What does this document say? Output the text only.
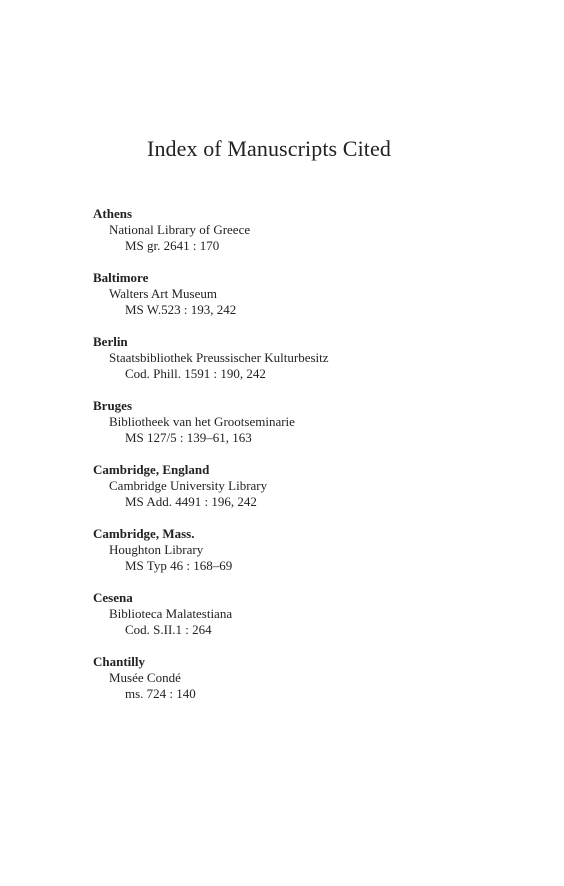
Index of Manuscripts Cited
Athens
National Library of Greece
MS gr. 2641 : 170
Baltimore
Walters Art Museum
MS W.523 : 193, 242
Berlin
Staatsbibliothek Preussischer Kulturbesitz
Cod. Phill. 1591 : 190, 242
Bruges
Bibliotheek van het Grootseminarie
MS 127/5 : 139–61, 163
Cambridge, England
Cambridge University Library
MS Add. 4491 : 196, 242
Cambridge, Mass.
Houghton Library
MS Typ 46 : 168–69
Cesena
Biblioteca Malatestiana
Cod. S.II.1 : 264
Chantilly
Musée Condé
ms. 724 : 140
